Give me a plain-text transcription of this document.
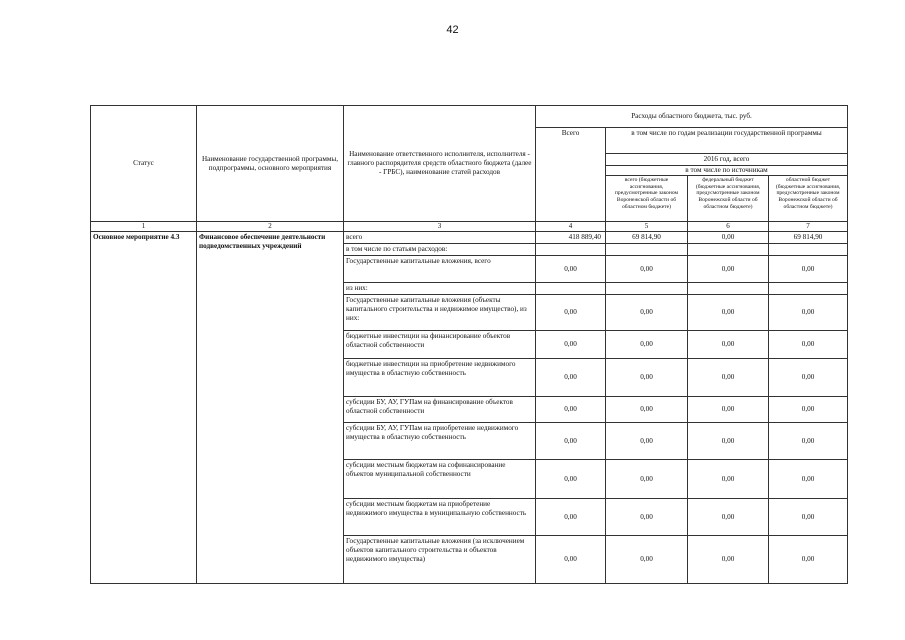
42
Статус	Наименование государственной программы, подпрограммы, основного мероприятия	Наименование ответственного исполнителя, исполнителя - главного распорядителя средств областного бюджета (далее - ГРБС), наименование статей расходов	Расходы областного бюджета, тыс. руб.			
			Всего	в том числе по годам реализации государственной программы		
				2016 год, всего		
				в том числе по источникам		
				всего (бюджетные ассигнования, предусмотренные законом Воронежской области об областном бюджете)	федеральный бюджет (бюджетные ассигнования, предусмотренные законом Воронежской области об областном бюджете)	областной бюджет (бюджетные ассигнования, предусмотренные законом Воронежской области об областном бюджете)
1	2	3	4	5	6	7
Основное мероприятие 4.3	Финансовое обеспечение деятельности подведомственных учреждений	всего	418 889,40	69 814,90	0,00	69 814,90
		в том числе по статьям расходов:				
		Государственные капитальные вложения, всего	0,00	0,00	0,00	0,00
		из них:				
		Государственные капитальные вложения (объекты капитального строительства и недвижимое имущество), из них:	0,00	0,00	0,00	0,00
		бюджетные инвестиции на финансирование объектов областной собственности	0,00	0,00	0,00	0,00
		бюджетные инвестиции на приобретение недвижимого имущества в областную собственность	0,00	0,00	0,00	0,00
		субсидии БУ, АУ, ГУПам на финансирование объектов областной собственности	0,00	0,00	0,00	0,00
		субсидии БУ, АУ, ГУПам на приобретение недвижимого имущества в областную собственность	0,00	0,00	0,00	0,00
		субсидии местным бюджетам на софинансирование объектов муниципальной собственности	0,00	0,00	0,00	0,00
		субсидии местным бюджетам на приобретение недвижимого имущества в муниципальную собственность	0,00	0,00	0,00	0,00
		Государственные капитальные вложения (за исключением объектов капитального строительства и объектов недвижимого имущества)	0,00	0,00	0,00	0,00
